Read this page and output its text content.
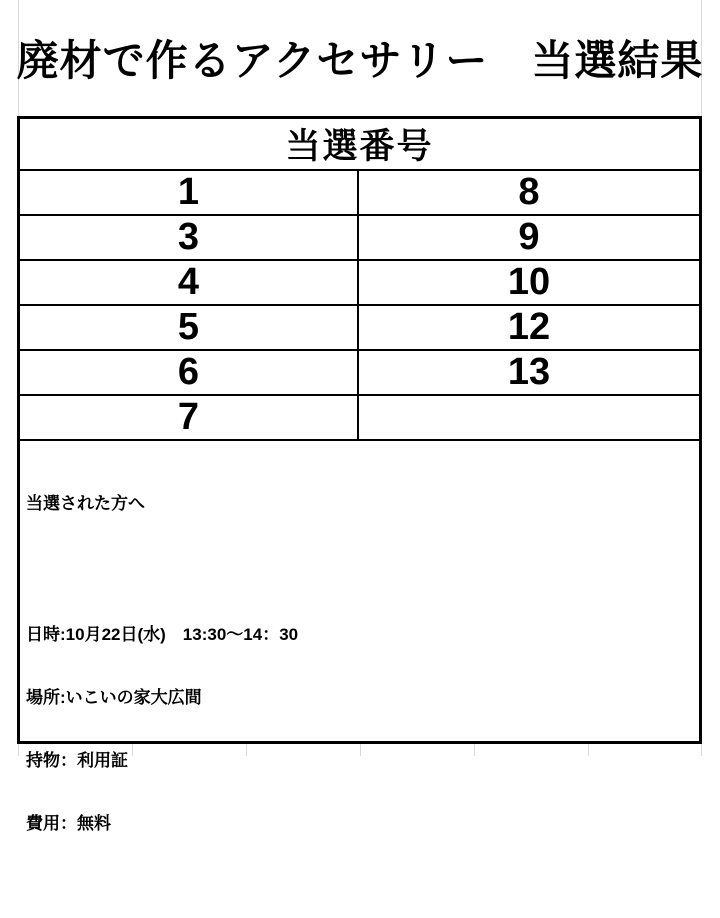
廃材で作るアクセサリー　当選結果
当選番号
1	8
3	9
4	10
5	12
6	13
7

当選された方へ

日時:10月22日(水)　13:30～14：30

場所:いこいの家大広間

持物：利用証

費用：無料
